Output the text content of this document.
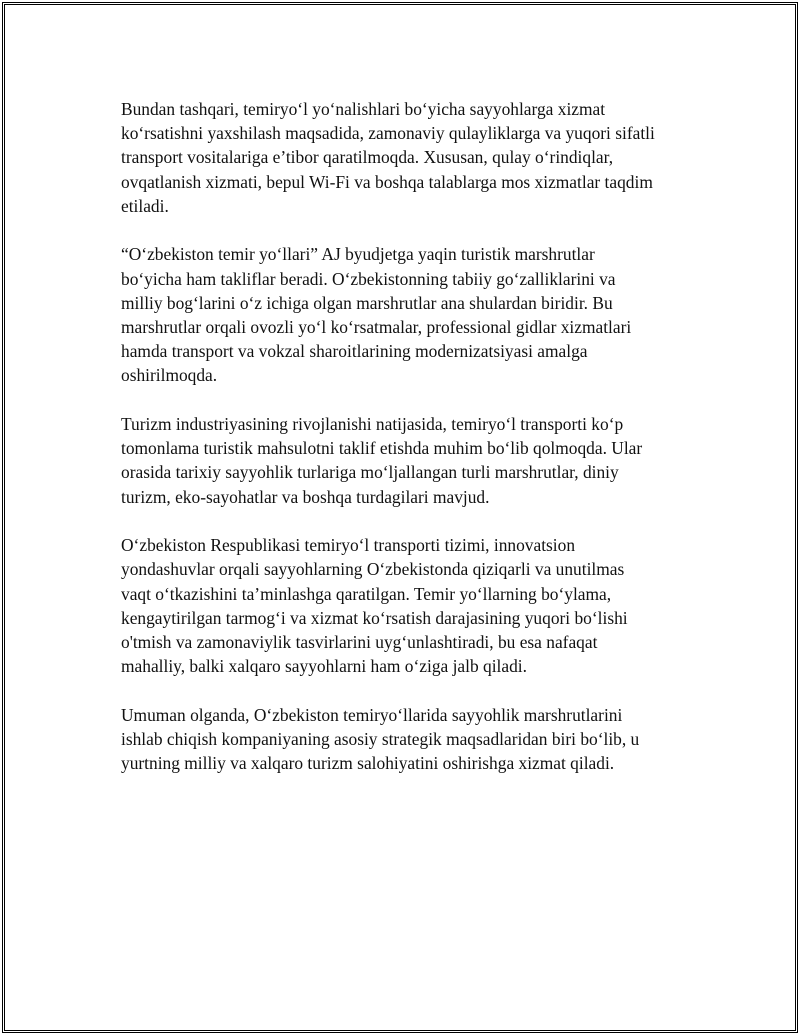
Bundan tashqari, temiryo‘l yo‘nalishlari bo‘yicha sayyohlarga xizmat
ko‘rsatishni yaxshilash maqsadida, zamonaviy qulayliklarga va yuqori sifatli
transport vositalariga e’tibor qaratilmoqda. Xususan, qulay o‘rindiqlar,
ovqatlanish xizmati, bepul Wi-Fi va boshqa talablarga mos xizmatlar taqdim
etiladi.

“O‘zbekiston temir yo‘llari” AJ byudjetga yaqin turistik marshrutlar
bo‘yicha ham takliflar beradi. O‘zbekistonning tabiiy go‘zalliklarini va
milliy bog‘larini o‘z ichiga olgan marshrutlar ana shulardan biridir. Bu
marshrutlar orqali ovozli yo‘l ko‘rsatmalar, professional gidlar xizmatlari
hamda transport va vokzal sharoitlarining modernizatsiyasi amalga
oshirilmoqda.

Turizm industriyasining rivojlanishi natijasida, temiryo‘l transporti ko‘p
tomonlama turistik mahsulotni taklif etishda muhim bo‘lib qolmoqda. Ular
orasida tarixiy sayyohlik turlariga mo‘ljallangan turli marshrutlar, diniy
turizm, eko-sayohatlar va boshqa turdagilari mavjud.

O‘zbekiston Respublikasi temiryo‘l transporti tizimi, innovatsion
yondashuvlar orqali sayyohlarning O‘zbekistonda qiziqarli va unutilmas
vaqt o‘tkazishini ta’minlashga qaratilgan. Temir yo‘llarning bo‘ylama,
kengaytirilgan tarmog‘i va xizmat ko‘rsatish darajasining yuqori bo‘lishi
o'tmish va zamonaviylik tasvirlarini uyg‘unlashtiradi, bu esa nafaqat
mahalliy, balki xalqaro sayyohlarni ham o‘ziga jalb qiladi.

Umuman olganda, O‘zbekiston temiryo‘llarida sayyohlik marshrutlarini
ishlab chiqish kompaniyaning asosiy strategik maqsadlaridan biri bo‘lib, u
yurtning milliy va xalqaro turizm salohiyatini oshirishga xizmat qiladi.
